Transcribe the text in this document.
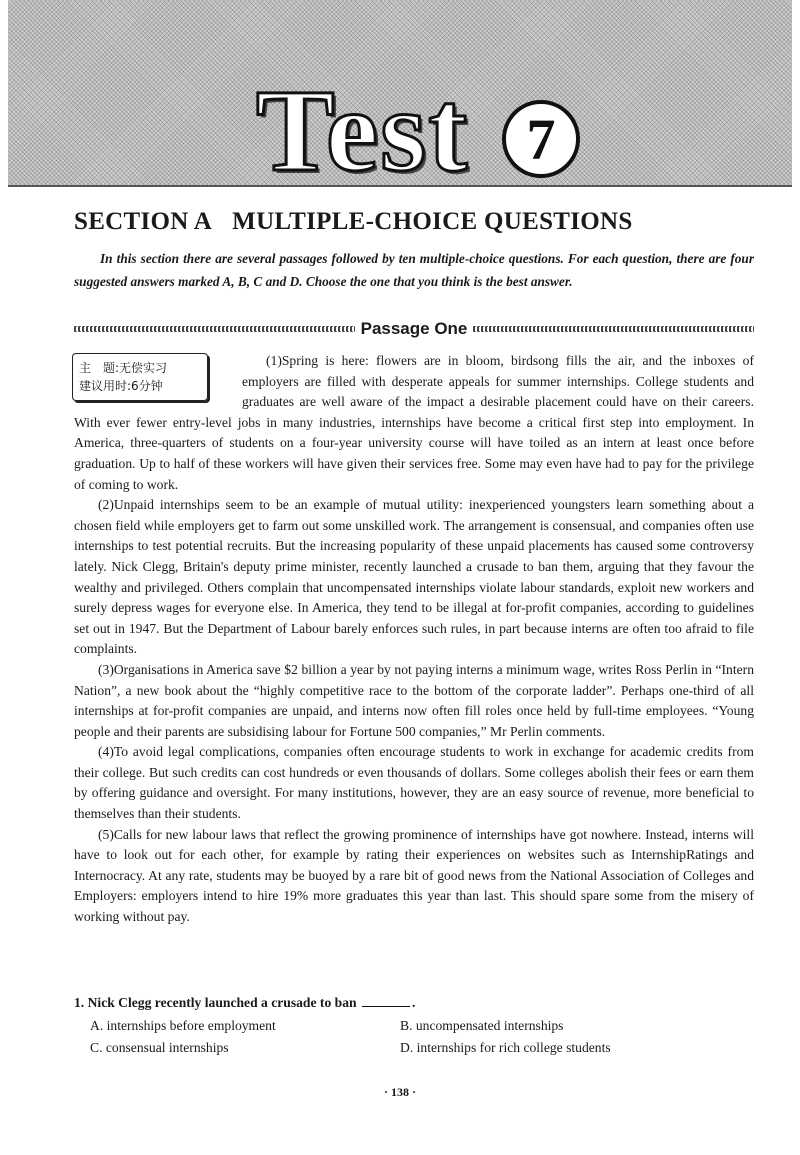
Test 7
SECTION A MULTIPLE-CHOICE QUESTIONS
In this section there are several passages followed by ten multiple-choice questions. For each question, there are four suggested answers marked A, B, C and D. Choose the one that you think is the best answer.
Passage One

(1)Spring is here: flowers are in bloom, birdsong fills the air, and the inboxes of employers are filled with desperate appeals for summer internships. College students and graduates are well aware of the impact a desirable placement could have on their careers. With ever fewer entry-level jobs in many industries, internships have become a critical first step into employment. In America, three-quarters of students on a four-year university course will have toiled as an intern at least once before graduation. Up to half of these workers will have given their services free. Some may even have had to pay for the privilege of coming to work.

(2)Unpaid internships seem to be an example of mutual utility: inexperienced youngsters learn something about a chosen field while employers get to farm out some unskilled work. The arrangement is consensual, and companies often use internships to test potential recruits. But the increasing popularity of these unpaid placements has caused some controversy lately. Nick Clegg, Britain's deputy prime minister, recently launched a crusade to ban them, arguing that they favour the wealthy and privileged. Others complain that uncompensated internships violate labour standards, exploit new workers and surely depress wages for everyone else. In America, they tend to be illegal at for-profit companies, according to guidelines set out in 1947. But the Department of Labour barely enforces such rules, in part because interns are often too afraid to file complaints.

(3)Organisations in America save $2 billion a year by not paying interns a minimum wage, writes Ross Perlin in “Intern Nation”, a new book about the “highly competitive race to the bottom of the corporate ladder”. Perhaps one-third of all internships at for-profit companies are unpaid, and interns now often fill roles once held by full-time employees. “Young people and their parents are subsidising labour for Fortune 500 companies,” Mr Perlin comments.

(4)To avoid legal complications, companies often encourage students to work in exchange for academic credits from their college. But such credits can cost hundreds or even thousands of dollars. Some colleges abolish their fees or earn them by offering guidance and oversight. For many institutions, however, they are an easy source of revenue, more beneficial to themselves than their students.

(5)Calls for new labour laws that reflect the growing prominence of internships have got nowhere. Instead, interns will have to look out for each other, for example by rating their experiences on websites such as InternshipRatings and Internocracy. At any rate, students may be buoyed by a rare bit of good news from the National Association of Colleges and Employers: employers intend to hire 19% more graduates this year than last. This should spare some from the misery of working without pay.

主　题:无偿实习
建议用时:6分钟
1. Nick Clegg recently launched a crusade to ban	.
A. internships before employment	B. uncompensated internships
C. consensual internships	D. internships for rich college students
· 138 ·
